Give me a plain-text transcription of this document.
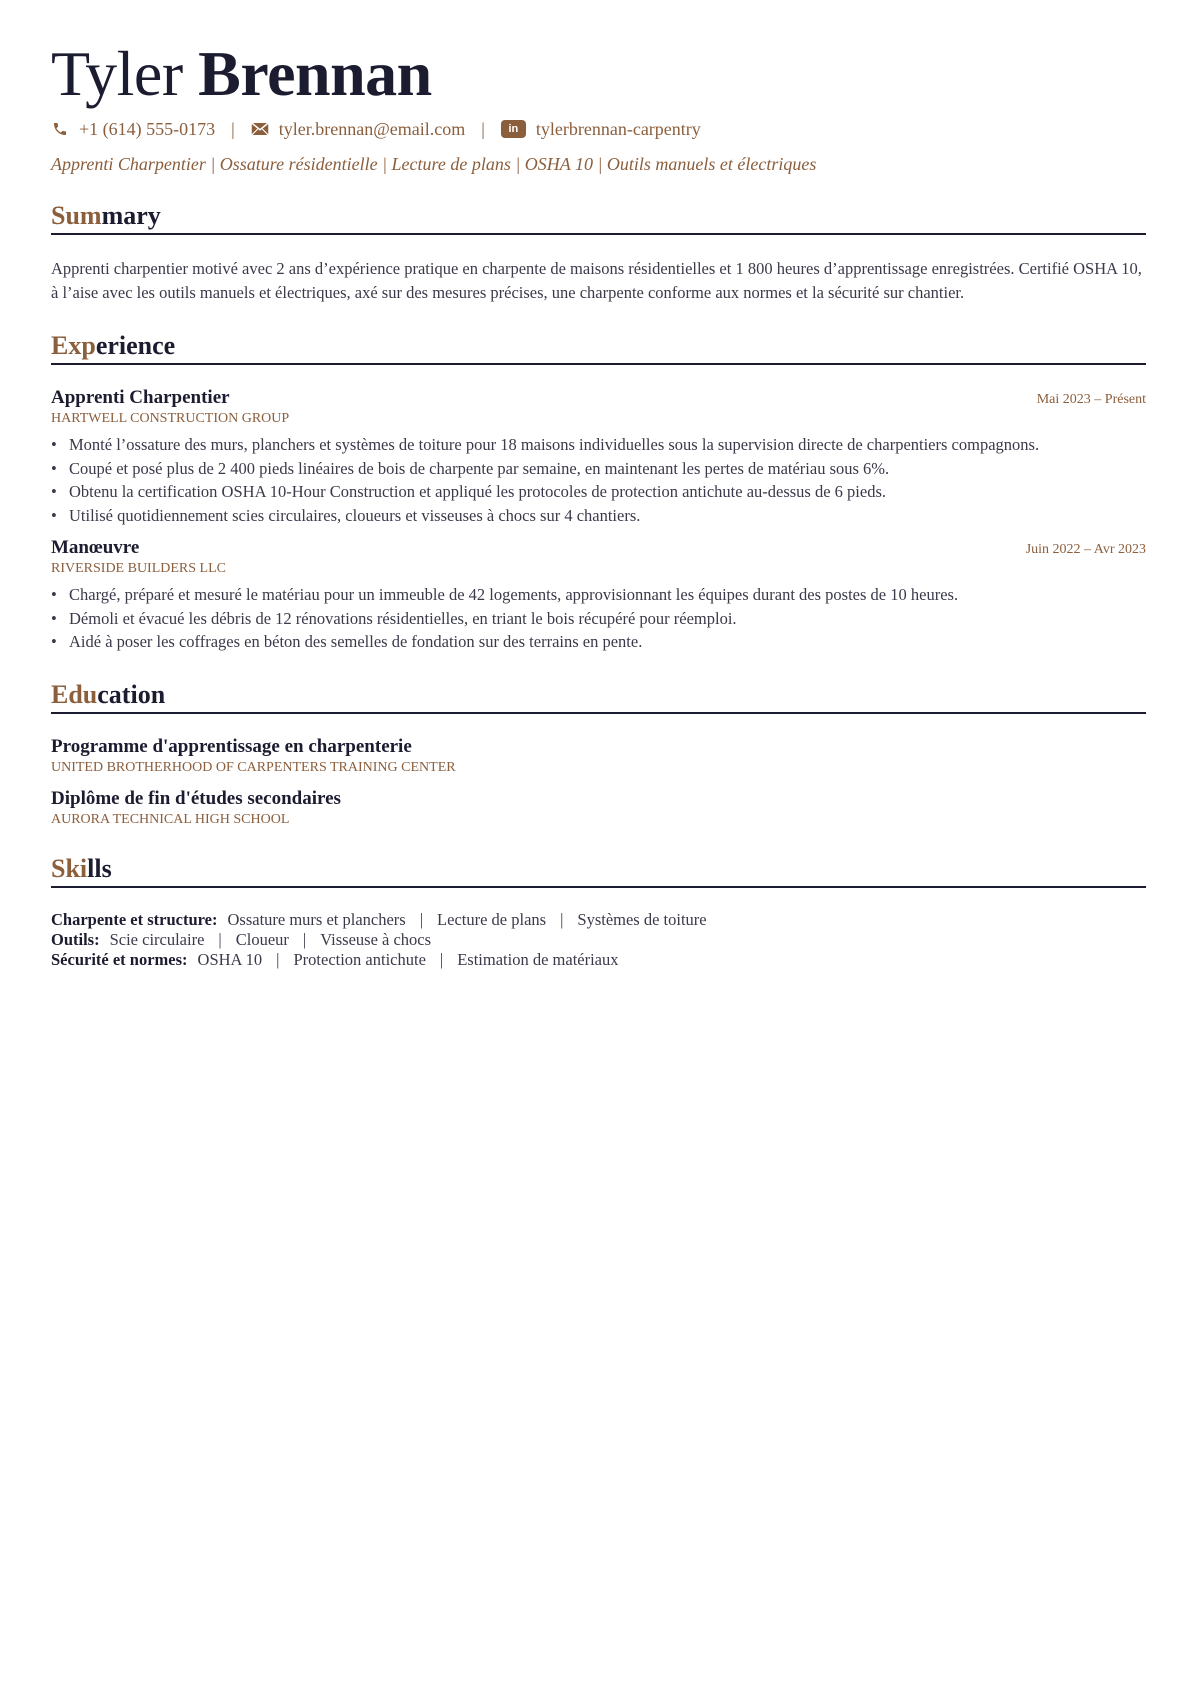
Tyler Brennan
+1 (614) 555-0173 | tyler.brennan@email.com |	in tylerbrennan-carpentry
Apprenti Charpentier | Ossature résidentielle | Lecture de plans | OSHA 10 | Outils manuels et électriques
Summary

Apprenti charpentier motivé avec 2 ans d’expérience pratique en charpente de maisons résidentielles et 1 800 heures d’apprentissage enregistrées. Certifié OSHA 10, à l’aise avec les outils manuels et électriques, axé sur des mesures précises, une charpente conforme aux normes et la sécurité sur chantier.

Experience
Apprenti Charpentier	Mai 2023 – Présent
HARTWELL CONSTRUCTION GROUP
• Monté l’ossature des murs, planchers et systèmes de toiture pour 18 maisons individuelles sous la supervision directe de charpentiers compagnons.
• Coupé et posé plus de 2 400 pieds linéaires de bois de charpente par semaine, en maintenant les pertes de matériau sous 6%.
• Obtenu la certification OSHA 10-Hour Construction et appliqué les protocoles de protection antichute au-dessus de 6 pieds.
• Utilisé quotidiennement scies circulaires, cloueurs et visseuses à chocs sur 4 chantiers.
Manœuvre	Juin 2022 – Avr 2023
RIVERSIDE BUILDERS LLC
• Chargé, préparé et mesuré le matériau pour un immeuble de 42 logements, approvisionnant les équipes durant des postes de 10 heures.
• Démoli et évacué les débris de 12 rénovations résidentielles, en triant le bois récupéré pour réemploi.
• Aidé à poser les coffrages en béton des semelles de fondation sur des terrains en pente.
Education
Programme d'apprentissage en charpenterie
UNITED BROTHERHOOD OF CARPENTERS TRAINING CENTER
Diplôme de fin d'études secondaires
AURORA TECHNICAL HIGH SCHOOL
Skills
Charpente et structure: Ossature murs et planchers | Lecture de plans | Systèmes de toiture
Outils: Scie circulaire | Cloueur | Visseuse à chocs
Sécurité et normes: OSHA 10 | Protection antichute | Estimation de matériaux
